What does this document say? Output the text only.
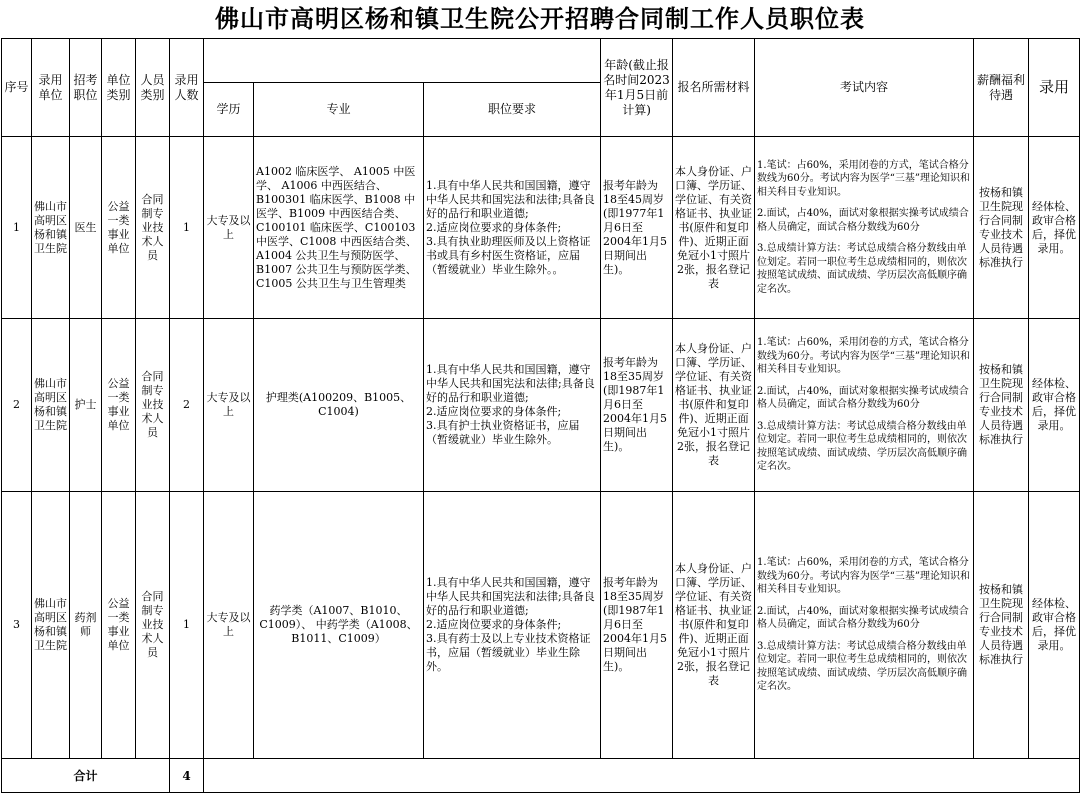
佛山市高明区杨和镇卫生院公开招聘合同制工作人员职位表
序号	录用单位	招考职位	单位类别	人员类别	录用人数				年龄(截止报名时间2023年1月5日前计算)	报名所需材料	考试内容	薪酬福利待遇	录用
						学历	专业	职位要求					
1	佛山市高明区杨和镇卫生院	医生	公益一类事业单位	合同制专业技术人员	1	大专及以上	A1002 临床医学、 A1005 中医学、 A1006 中西医结合、B100301 临床医学、B1008 中医学、B1009 中西医结合类、C100101 临床医学、C100103 中医学、C1008 中西医结合类、A1004 公共卫生与预防医学、B1007 公共卫生与预防医学类、C1005 公共卫生与卫生管理类	1.具有中华人民共和国国籍，遵守中华人民共和国宪法和法律;具备良好的品行和职业道德;
2.适应岗位要求的身体条件;
3.具有执业助理医师及以上资格证书或具有乡村医生资格证，应届（暂缓就业）毕业生除外。。	报考年龄为18至45周岁(即1977年1月6日至2004年1月5日期间出生)。	本人身份证、户口簿、学历证、学位证、有关资格证书、执业证书(原件和复印件)、近期正面免冠小1寸照片2张，报名登记表	1.笔试：占60%，采用闭卷的方式，笔试合格分数线为60分。考试内容为医学“三基”理论知识和相关科目专业知识。
2.面试，占40%，面试对象根据实操考试成绩合格人员确定，面试合格分数线为60分
3.总成绩计算方法：考试总成绩合格分数线由单位划定。若同一职位考生总成绩相同的，则依次按照笔试成绩、面试成绩、学历层次高低顺序确定名次。	按杨和镇卫生院现行合同制专业技术人员待遇标准执行	经体检、政审合格后，择优录用。
2	佛山市高明区杨和镇卫生院	护士	公益一类事业单位	合同制专业技术人员	2	大专及以上	护理类(A100209、B1005、C1004)	1.具有中华人民共和国国籍，遵守中华人民共和国宪法和法律;具备良好的品行和职业道德;
2.适应岗位要求的身体条件;
3.具有护士执业资格证书，应届（暂缓就业）毕业生除外。	报考年龄为18至35周岁(即1987年1月6日至2004年1月5日期间出生)。	本人身份证、户口簿、学历证、学位证、有关资格证书、执业证书(原件和复印件)、近期正面免冠小1寸照片2张，报名登记表	1.笔试：占60%，采用闭卷的方式，笔试合格分数线为60分。考试内容为医学“三基”理论知识和相关科目专业知识。
2.面试，占40%，面试对象根据实操考试成绩合格人员确定，面试合格分数线为60分
3.总成绩计算方法：考试总成绩合格分数线由单位划定。若同一职位考生总成绩相同的，则依次按照笔试成绩、面试成绩、学历层次高低顺序确定名次。	按杨和镇卫生院现行合同制专业技术人员待遇标准执行	经体检、政审合格后，择优录用。
3	佛山市高明区杨和镇卫生院	药剂师	公益一类事业单位	合同制专业技术人员	1	大专及以上	药学类（A1007、B1010、C1009）、 中药学类（A1008、B1011、C1009）	1.具有中华人民共和国国籍，遵守中华人民共和国宪法和法律;具备良好的品行和职业道德;
2.适应岗位要求的身体条件;
3.具有药士及以上专业技术资格证书，应届（暂缓就业）毕业生除外。	报考年龄为18至35周岁(即1987年1月6日至2004年1月5日期间出生)。	本人身份证、户口簿、学历证、学位证、有关资格证书、执业证书(原件和复印件)、近期正面免冠小1寸照片2张，报名登记表	1.笔试：占60%，采用闭卷的方式，笔试合格分数线为60分。考试内容为医学“三基”理论知识和相关科目专业知识。
2.面试，占40%，面试对象根据实操考试成绩合格人员确定，面试合格分数线为60分
3.总成绩计算方法：考试总成绩合格分数线由单位划定。若同一职位考生总成绩相同的，则依次按照笔试成绩、面试成绩、学历层次高低顺序确定名次。	按杨和镇卫生院现行合同制专业技术人员待遇标准执行	经体检、政审合格后，择优录用。
合计					4								
